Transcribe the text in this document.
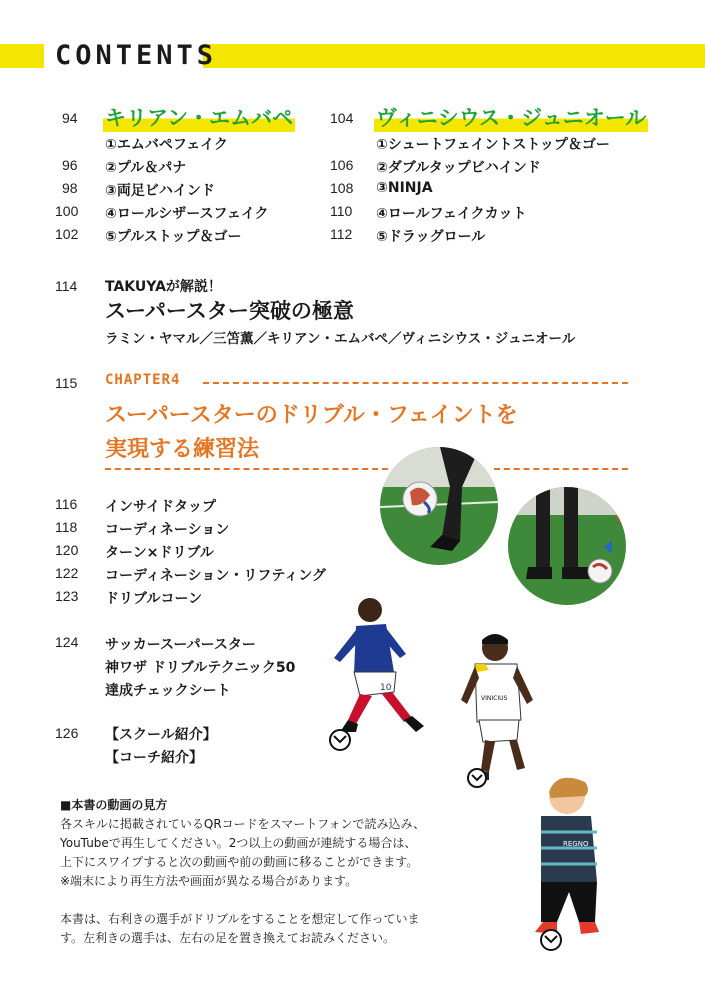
CONTENTS
94 キリアン・エムバペ
①エムバペフェイク
96 ②プル＆パナ
98 ③両足ビハインド
100 ④ロールシザースフェイク
102 ⑤プルストップ＆ゴー
104 ヴィニシウス・ジュニオール
①シュートフェイントストップ＆ゴー
106 ②ダブルタップビハインド
108 ③NINJA
110 ④ロールフェイクカット
112 ⑤ドラッグロール
114 TAKUYAが解説！
スーパースター突破の極意
ラミン・ヤマル／三笘薫／キリアン・エムバペ／ヴィニシウス・ジュニオール
115 CHAPTER4
スーパースターのドリブル・フェイントを
実現する練習法
116 インサイドタップ
118 コーディネーション
120 ターン×ドリブル
122 コーディネーション・リフティング
123 ドリブルコーン
124 サッカースーパースター
神ワザ ドリブルテクニック50
達成チェックシート
126 【スクール紹介】
【コーチ紹介】
10
VINICIUS
REGNO
■本書の動画の見方
各スキルに掲載されているQRコードをスマートフォンで読み込み、
YouTubeで再生してください。2つ以上の動画が連続する場合は、
上下にスワイプすると次の動画や前の動画に移ることができます。
※端末により再生方法や画面が異なる場合があります。
本書は、右利きの選手がドリブルをすることを想定して作っていま
す。左利きの選手は、左右の足を置き換えてお読みください。
